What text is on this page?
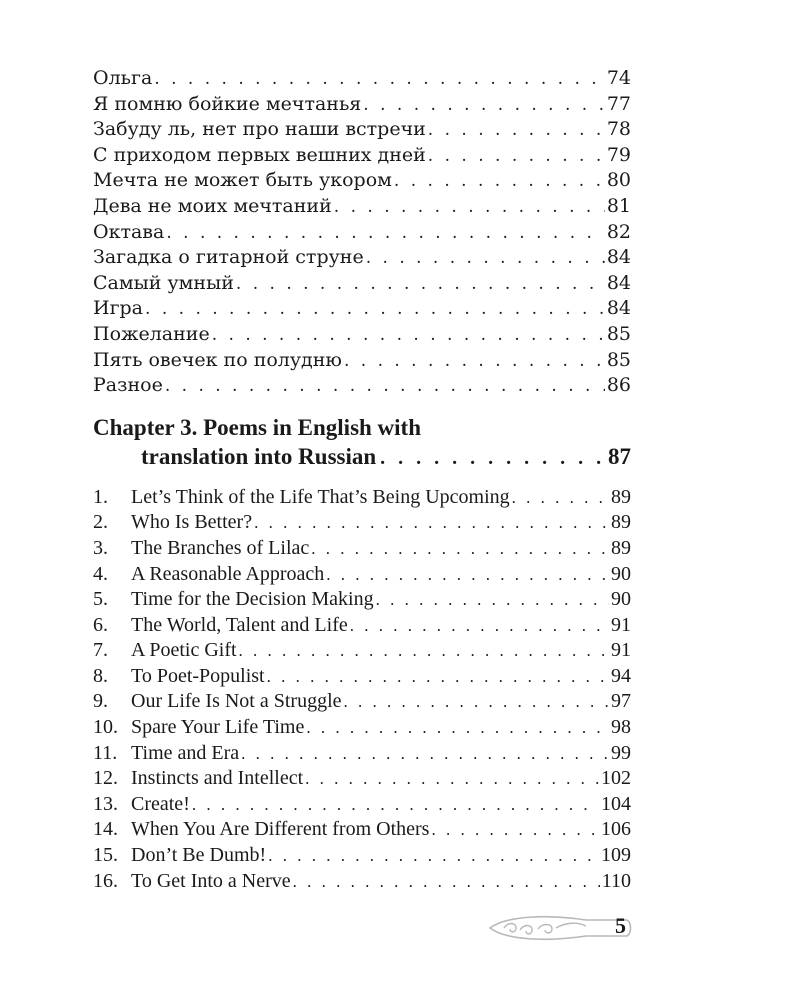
Ольга . . .	74
Я помню бойкие мечтанья . . .	77
Забуду ль, нет про наши встречи . . .	78
С приходом первых вешних дней . . .	79
Мечта не может быть укором . . .	80
Дева не моих мечтаний . . .	81
Октава . . .	82
Загадка о гитарной струне . . .	84
Самый умный . . .	84
Игра . . .	84
Пожелание . . .	85
Пять овечек по полудню . . .	85
Разное . . .	86
Chapter 3. Poems in English with
translation into Russian . . .	87
1.	Let’s Think of the Life That’s Being Upcoming . . .	89
2.	Who Is Better? . . .	89
3.	The Branches of Lilac . . .	89
4.	A Reasonable Approach . . .	90
5.	Time for the Decision Making . . .	90
6.	The World, Talent and Life . . .	91
7.	A Poetic Gift . . .	91
8.	To Poet-Populist . . .	94
9.	Our Life Is Not a Struggle . . .	97
10. Spare Your Life Time . . .	98
11. Time and Era . . .	99
12. Instincts and Intellect . . .	102
13. Create! . . .	104
14. When You Are Different from Others . . .	106
15. Don’t Be Dumb! . . .	109
16. To Get Into a Nerve . . .	110
5
